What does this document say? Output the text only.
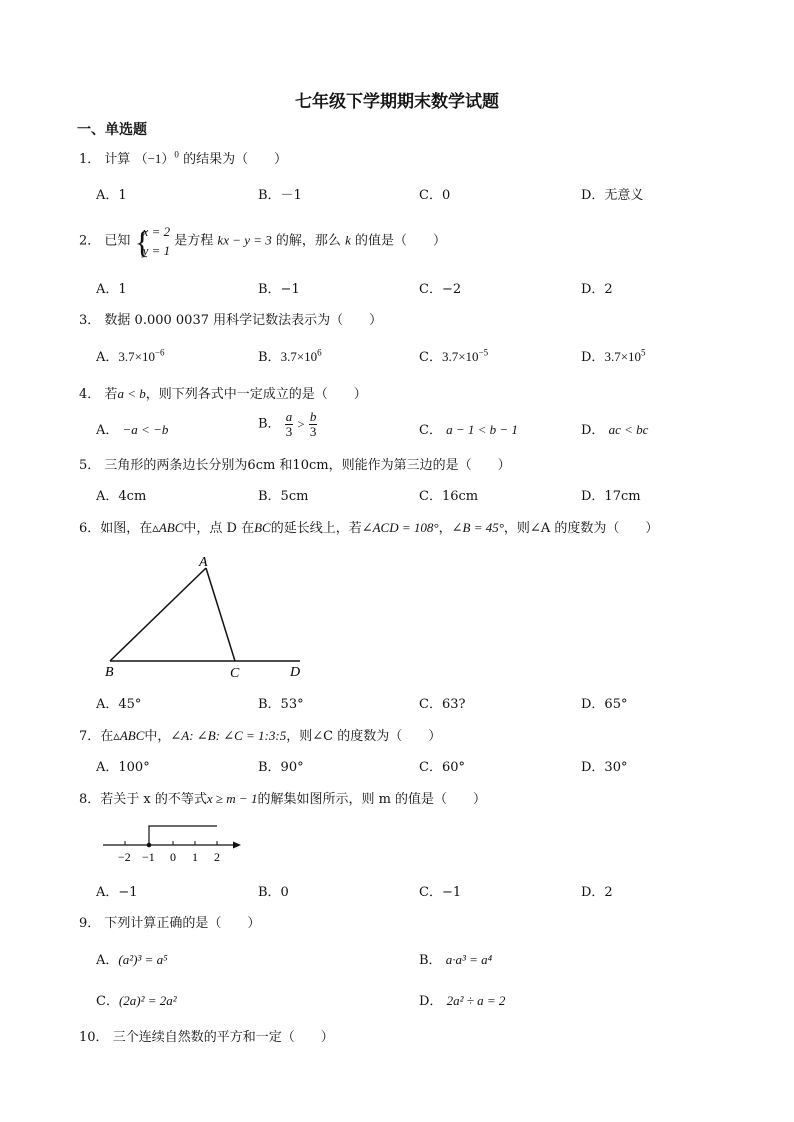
七年级下学期期末数学试题
一、单选题
1． 计算 $(-1)^0$ 的结果为（　　）
A．1	B．－1	C．0	D．无意义
2． 已知 {
x = 2
y = 1
是方程 kx − y = 3 的解，那么 k 的值是（　　）
A．1	B．−1	C．−2	D．2
3． 数据 0.000 0037 用科学记数法表示为（　　）
A．$3.7\times 10^{-6}$	B．$3.7\times 10^6$	C．$3.7\times 10^{-5}$	D．$3.7\times 10^5$
4． 若a < b，则下列各式中一定成立的是（　　）
A． −a < −b	B． $\frac{a}{3} > \frac{b}{3}$	C． a − 1 < b − 1	D． ac < bc
5． 三角形的两条边长分别为6cm 和10cm，则能作为第三边的是（　　）
A．4cm	B．5cm	C．16cm	D．17cm
6．如图，在▵ABC中，点 D 在BC的延长线上，若∠ACD = 108°，∠B = 45°，则∠A 的度数为（　　）
A
B	C	D
A．45°	B．53°	C．63?	D．65°
7．在▵ABC中，∠A: ∠B: ∠C = 1:3:5，则∠C 的度数为（　　）
A．100°	B．90°	C．60°	D．30°
8．若关于 x 的不等式x ≥ m − 1的解集如图所示，则 m 的值是（　　）
−2 −1 0 1 2
A．−1	B．0	C．−1	D．2
9． 下列计算正确的是（　　）
A．(a²)³ = a⁵	B． a·a³ = a⁴
C．(2a)² = 2a²	D． 2a² ÷ a = 2
10． 三个连续自然数的平方和一定（　　）
